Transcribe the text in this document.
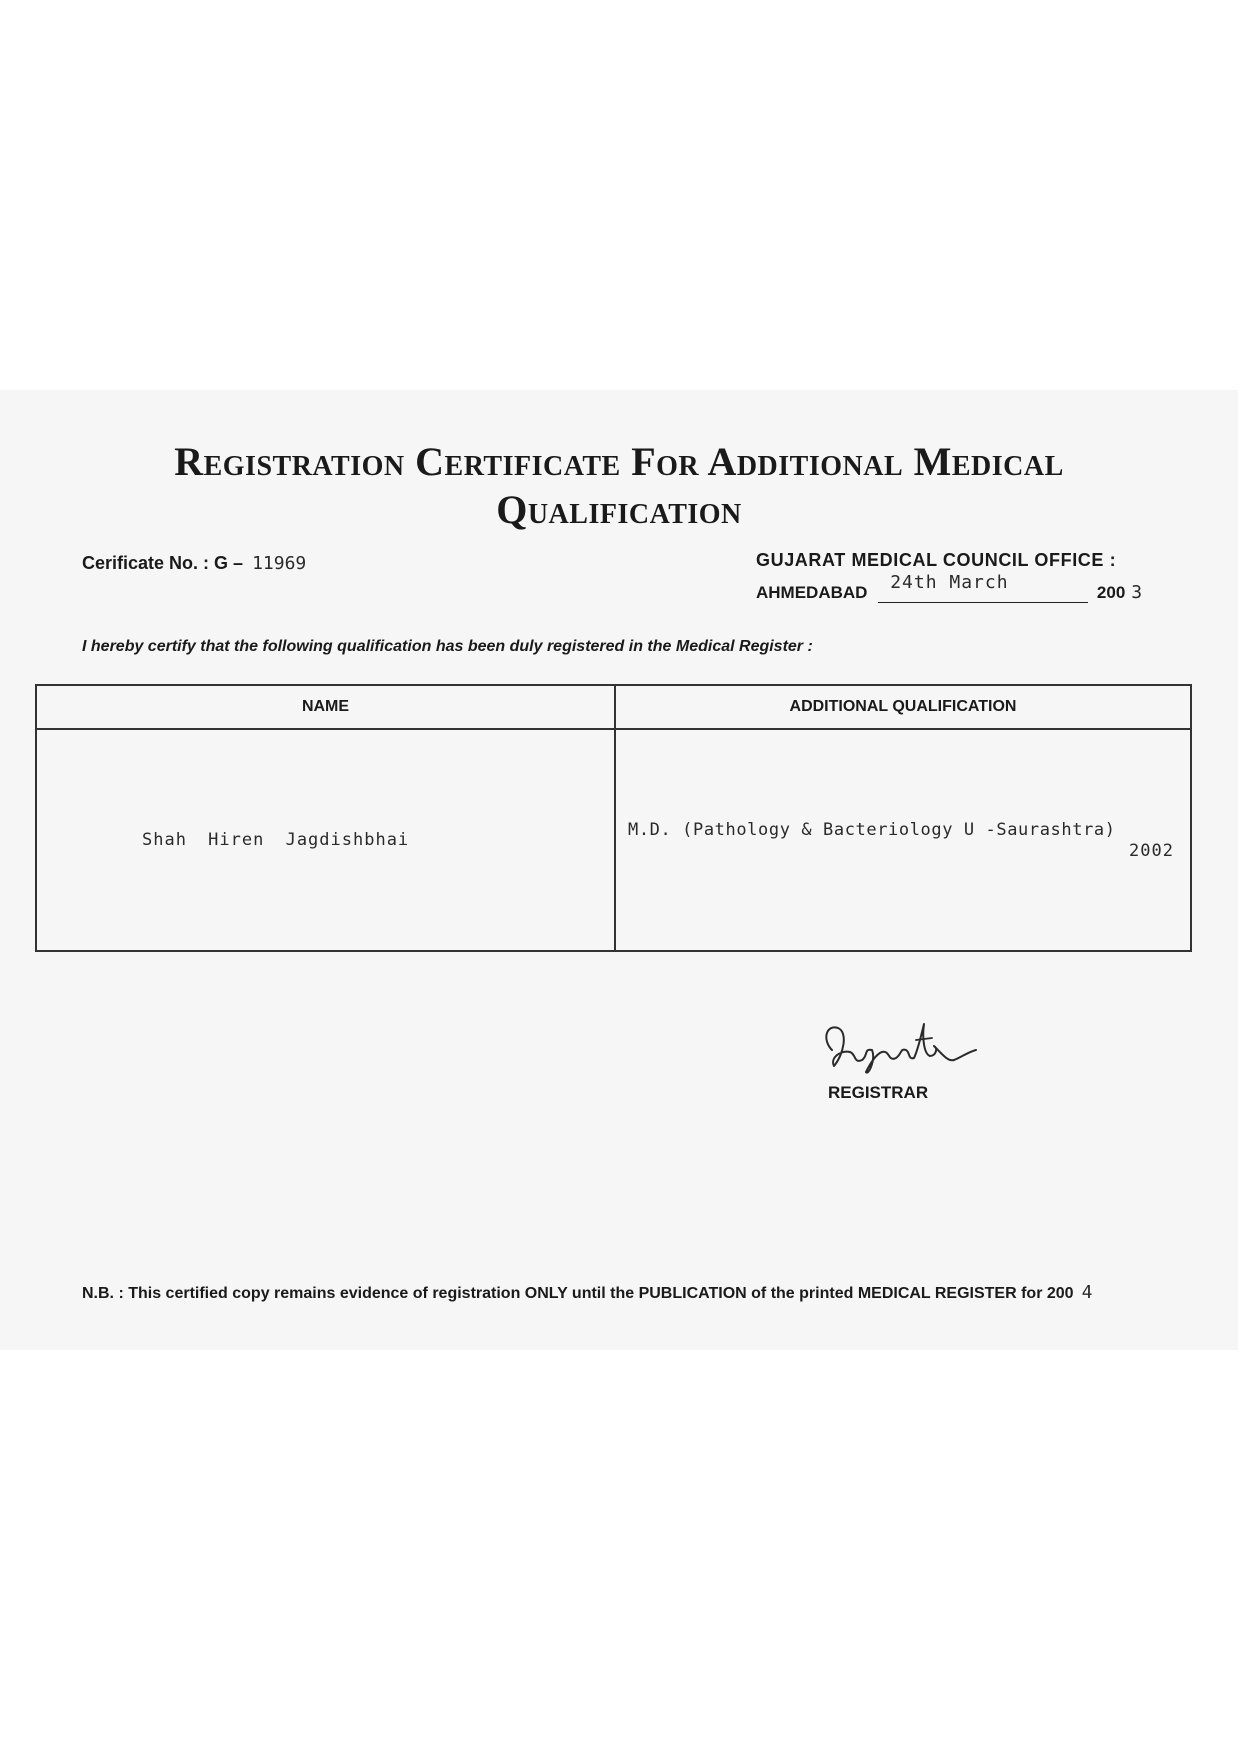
Registration Certificate For Additional Medical
Qualification
Cerificate No. : G – 11969	GUJARAT MEDICAL COUNCIL OFFICE :
AHMEDABAD 24th March	200 3
I hereby certify that the following qualification has been duly registered in the Medical Register :
NAME	ADDITIONAL QUALIFICATION

Shah Hiren Jagdishbhai	M.D. (Pathology & Bacteriology U -Saurashtra)
2002
REGISTRAR
N.B. : This certified copy remains evidence of registration ONLY until the PUBLICATION of the printed MEDICAL REGISTER for 200 4
